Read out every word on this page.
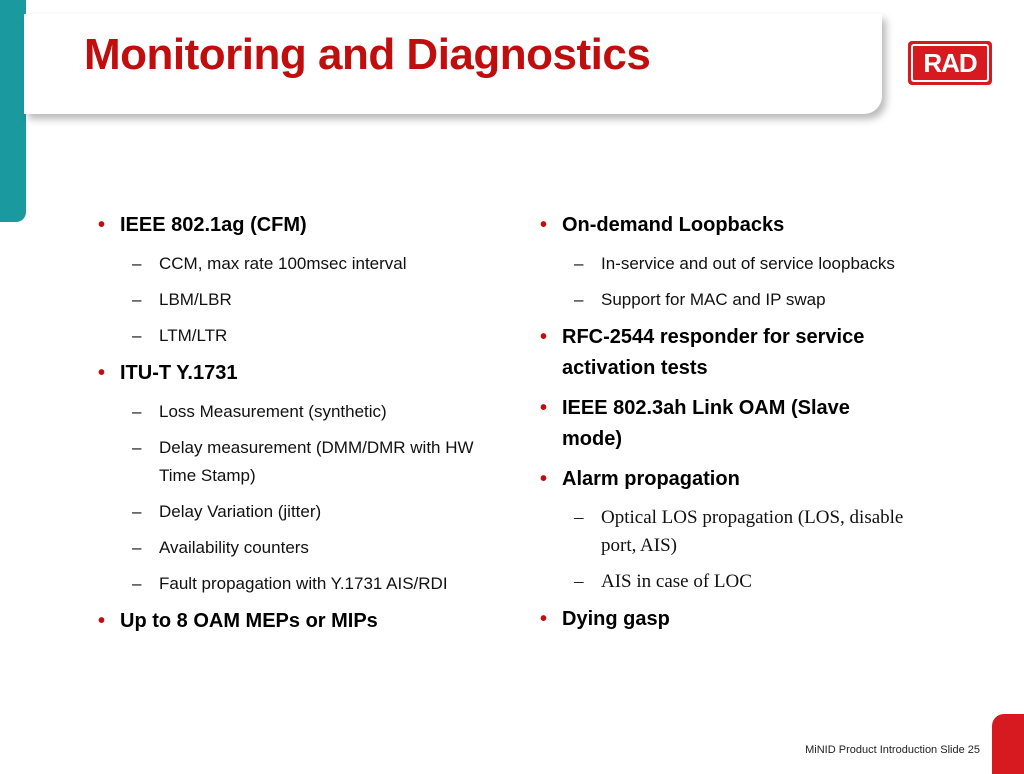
Monitoring and Diagnostics	RAD
• IEEE 802.1ag (CFM)
– CCM, max rate 100msec interval
– LBM/LBR
– LTM/LTR
• ITU-T Y.1731
– Loss Measurement (synthetic)
– Delay measurement (DMM/DMR with HW Time Stamp)
– Delay Variation (jitter)
– Availability counters
– Fault propagation with Y.1731 AIS/RDI
• Up to 8 OAM MEPs or MIPs
• On-demand Loopbacks
– In-service and out of service loopbacks
– Support for MAC and IP swap
• RFC-2544 responder for service activation tests
• IEEE 802.3ah Link OAM (Slave mode)
• Alarm propagation
– Optical LOS propagation (LOS, disable port, AIS)
– AIS in case of LOC
• Dying gasp
MiNID Product Introduction Slide 25
